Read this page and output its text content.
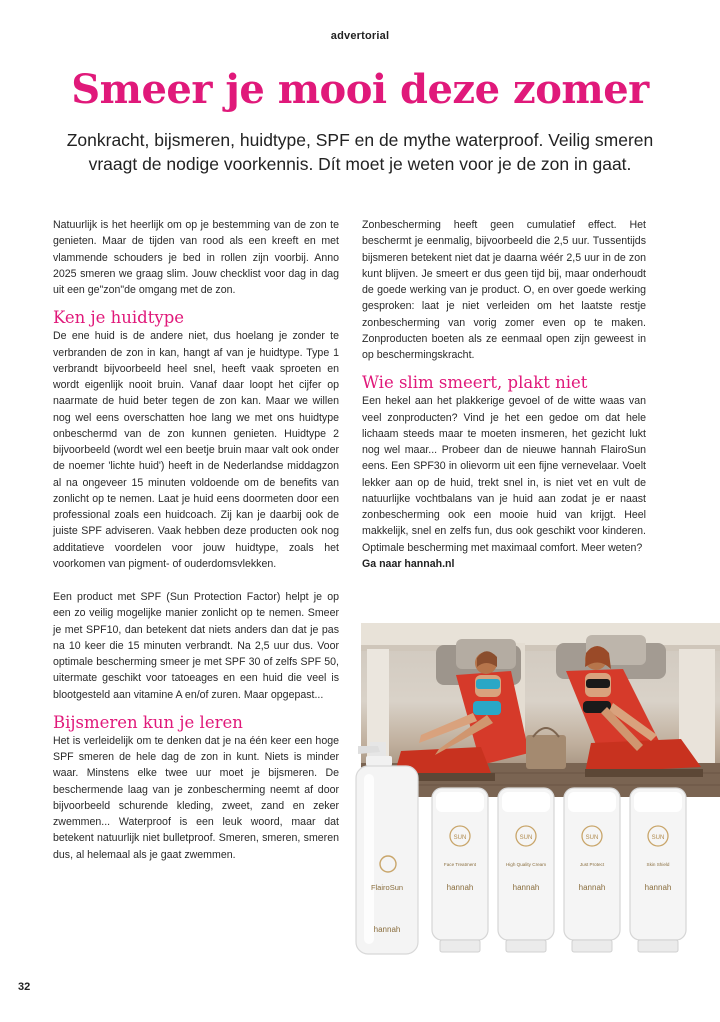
advertorial
Smeer je mooi deze zomer
Zonkracht, bijsmeren, huidtype, SPF en de mythe waterproof. Veilig smeren vraagt de nodige voorkennis. Dít moet je weten voor je de zon in gaat.

Natuurlijk is het heerlijk om op je bestemming van de zon te genieten. Maar de tijden van rood als een kreeft en met vlammende schouders je bed in rollen zijn voorbij. Anno 2025 smeren we graag slim. Jouw checklist voor dag in dag uit een ge"zon"de omgang met de zon.

Ken je huidtype

De ene huid is de andere niet, dus hoelang je zonder te verbranden de zon in kan, hangt af van je huidtype. Type 1 verbrandt bijvoorbeeld heel snel, heeft vaak sproeten en wordt eigenlijk nooit bruin. Vanaf daar loopt het cijfer op naarmate de huid beter tegen de zon kan. Maar we willen nog wel eens overschatten hoe lang we met ons huidtype onbeschermd van de zon kunnen genieten. Huidtype 2 bijvoorbeeld (wordt wel een beetje bruin maar valt ook onder de noemer 'lichte huid') heeft in de Nederlandse middagzon al na ongeveer 15 minuten voldoende om de benefits van zonlicht op te nemen. Laat je huid eens doormeten door een professional zoals een huidcoach. Zij kan je daarbij ook de juiste SPF adviseren. Vaak hebben deze producten ook nog additatieve voordelen voor jouw huidtype, zoals het voorkomen van pigment- of ouderdomsvlekken.

Een product met SPF (Sun Protection Factor) helpt je op een zo veilig mogelijke manier zonlicht op te nemen. Smeer je met SPF10, dan betekent dat niets anders dan dat je pas na 10 keer die 15 minuten verbrandt. Na 2,5 uur dus. Voor optimale bescherming smeer je met SPF 30 of zelfs SPF 50, uitermate geschikt voor tatoeages en een huid die veel is blootgesteld aan vitamine A en/of zuren. Maar opgepast...

Bijsmeren kun je leren

Het is verleidelijk om te denken dat je na één keer een hoge SPF smeren de hele dag de zon in kunt. Niets is minder waar. Minstens elke twee uur moet je bijsmeren. De beschermende laag van je zonbescherming neemt af door bijvoorbeeld schurende kleding, zweet, zand en zeker zwemmen... Waterproof is een leuk woord, maar dat betekent natuurlijk niet bulletproof. Smeren, smeren, smeren dus, al helemaal als je gaat zwemmen.

Zonbescherming heeft geen cumulatief effect. Het beschermt je eenmalig, bijvoorbeeld die 2,5 uur. Tussentijds bijsmeren betekent niet dat je daarna wéér 2,5 uur in de zon kunt blijven. Je smeert er dus geen tijd bij, maar onderhoudt de goede werking van je product. O, en over goede werking gesproken: laat je niet verleiden om het laatste restje zonbescherming van vorig zomer even op te maken. Zonproducten boeten als ze eenmaal open zijn geweest in op beschermingskracht.

Wie slim smeert, plakt niet

Een hekel aan het plakkerige gevoel of de witte waas van veel zonproducten? Vind je het een gedoe om dat hele lichaam steeds maar te moeten insmeren, het gezicht lukt nog wel maar... Probeer dan de nieuwe hannah FlairoSun eens. Een SPF30 in olievorm uit een fijne vernevelaar. Voelt lekker aan op de huid, trekt snel in, is niet vet en vult de natuurlijke vochtbalans van je huid aan zodat je er naast zonbescherming ook een mooie huid van krijgt. Heel makkelijk, snel en zelfs fun, dus ook geschikt voor kinderen. Optimale bescherming met maximaal comfort. Meer weten?
Ga naar hannah.nl

FlairoSun
hannah
SUN
Face Treatment
hannah
SUN
High Quality Cream
hannah
SUN
Just Protect
hannah
SUN
Skin Shield
hannah
32
